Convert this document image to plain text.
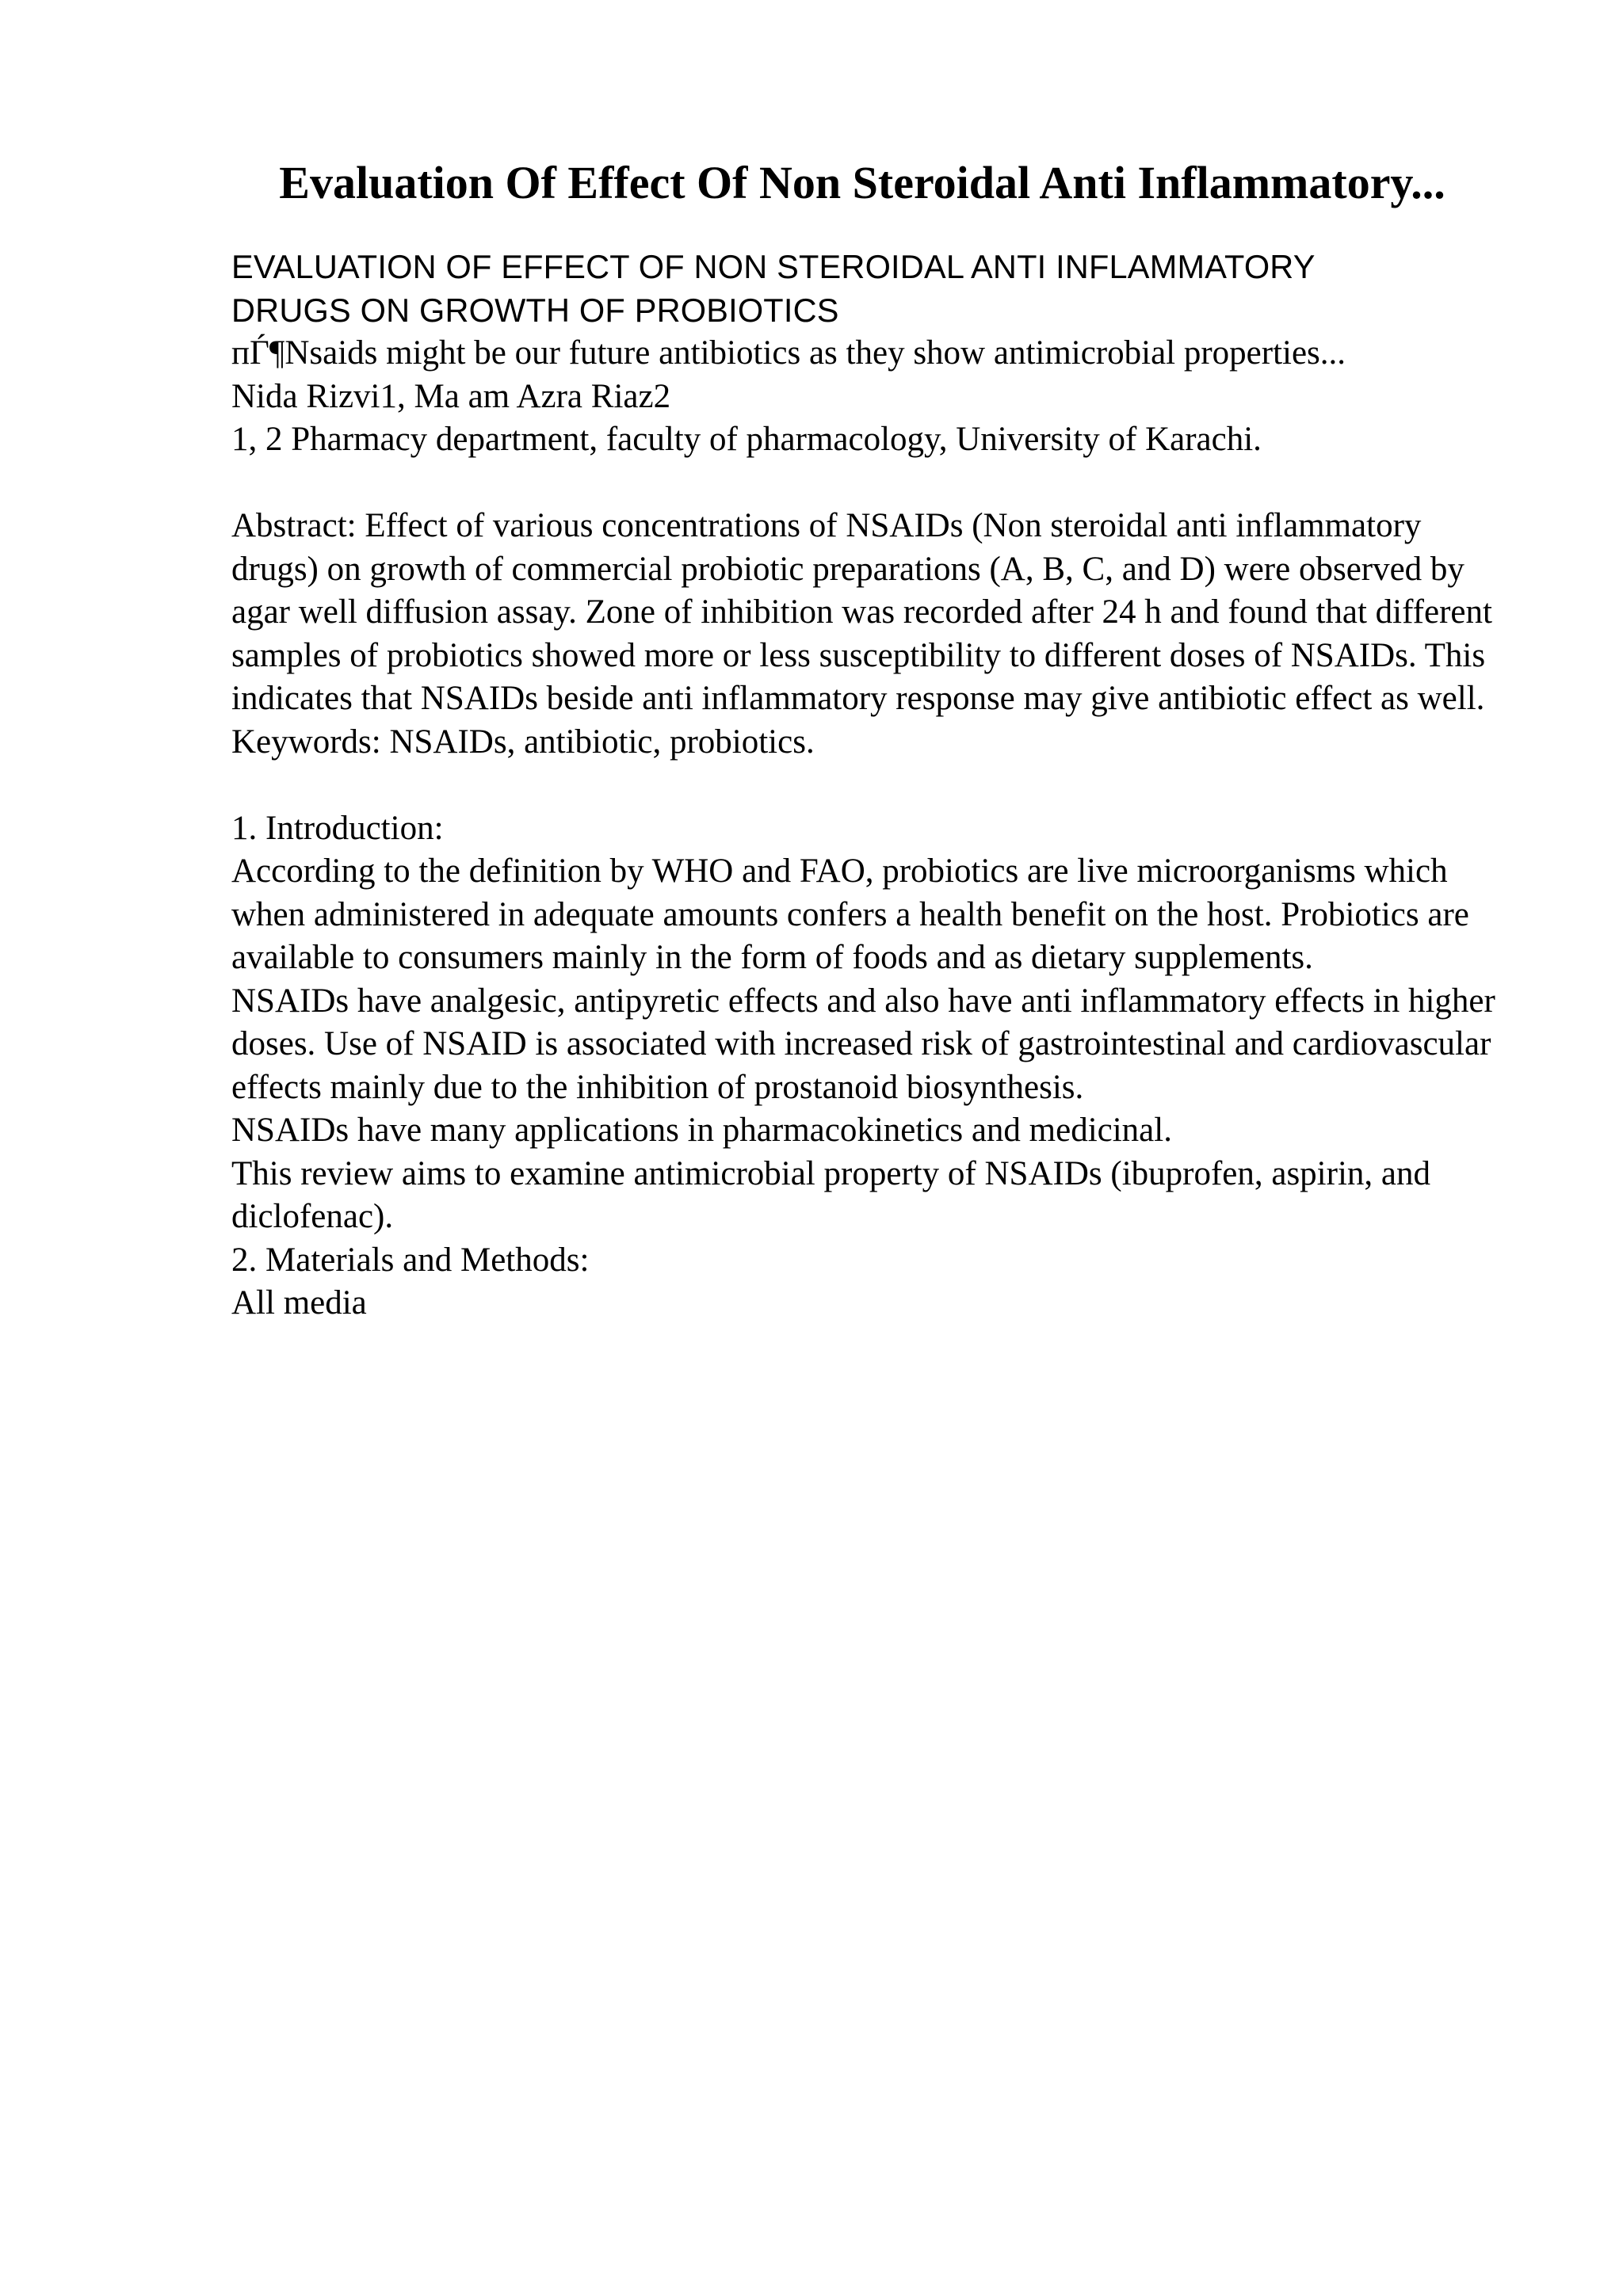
Evaluation Of Effect Of Non Steroidal Anti Inflammatory...

EVALUATION OF EFFECT OF NON STEROIDAL ANTI INFLAMMATORY

DRUGS ON GROWTH OF PROBIOTICS

пЃ¶Nsaids might be our future antibiotics as they show antimicrobial properties...

Nida Rizvi1, Ma am Azra Riaz2

1, 2 Pharmacy department, faculty of pharmacology, University of Karachi.

Abstract: Effect of various concentrations of NSAIDs (Non steroidal anti inflammatory drugs) on growth of commercial probiotic preparations (A, B, C, and D) were observed by agar well diffusion assay. Zone of inhibition was recorded after 24 h and found that different samples of probiotics showed more or less susceptibility to different doses of NSAIDs. This indicates that NSAIDs beside anti inflammatory response may give antibiotic effect as well.

Keywords: NSAIDs, antibiotic, probiotics.

1. Introduction:

According to the definition by WHO and FAO, probiotics are live microorganisms which when administered in adequate amounts confers a health benefit on the host. Probiotics are available to consumers mainly in the form of foods and as dietary supplements.

NSAIDs have analgesic, antipyretic effects and also have anti inflammatory effects in higher doses. Use of NSAID is associated with increased risk of gastrointestinal and cardiovascular effects mainly due to the inhibition of prostanoid biosynthesis.

NSAIDs have many applications in pharmacokinetics and medicinal.

This review aims to examine antimicrobial property of NSAIDs (ibuprofen, aspirin, and diclofenac).

2. Materials and Methods:

All media
